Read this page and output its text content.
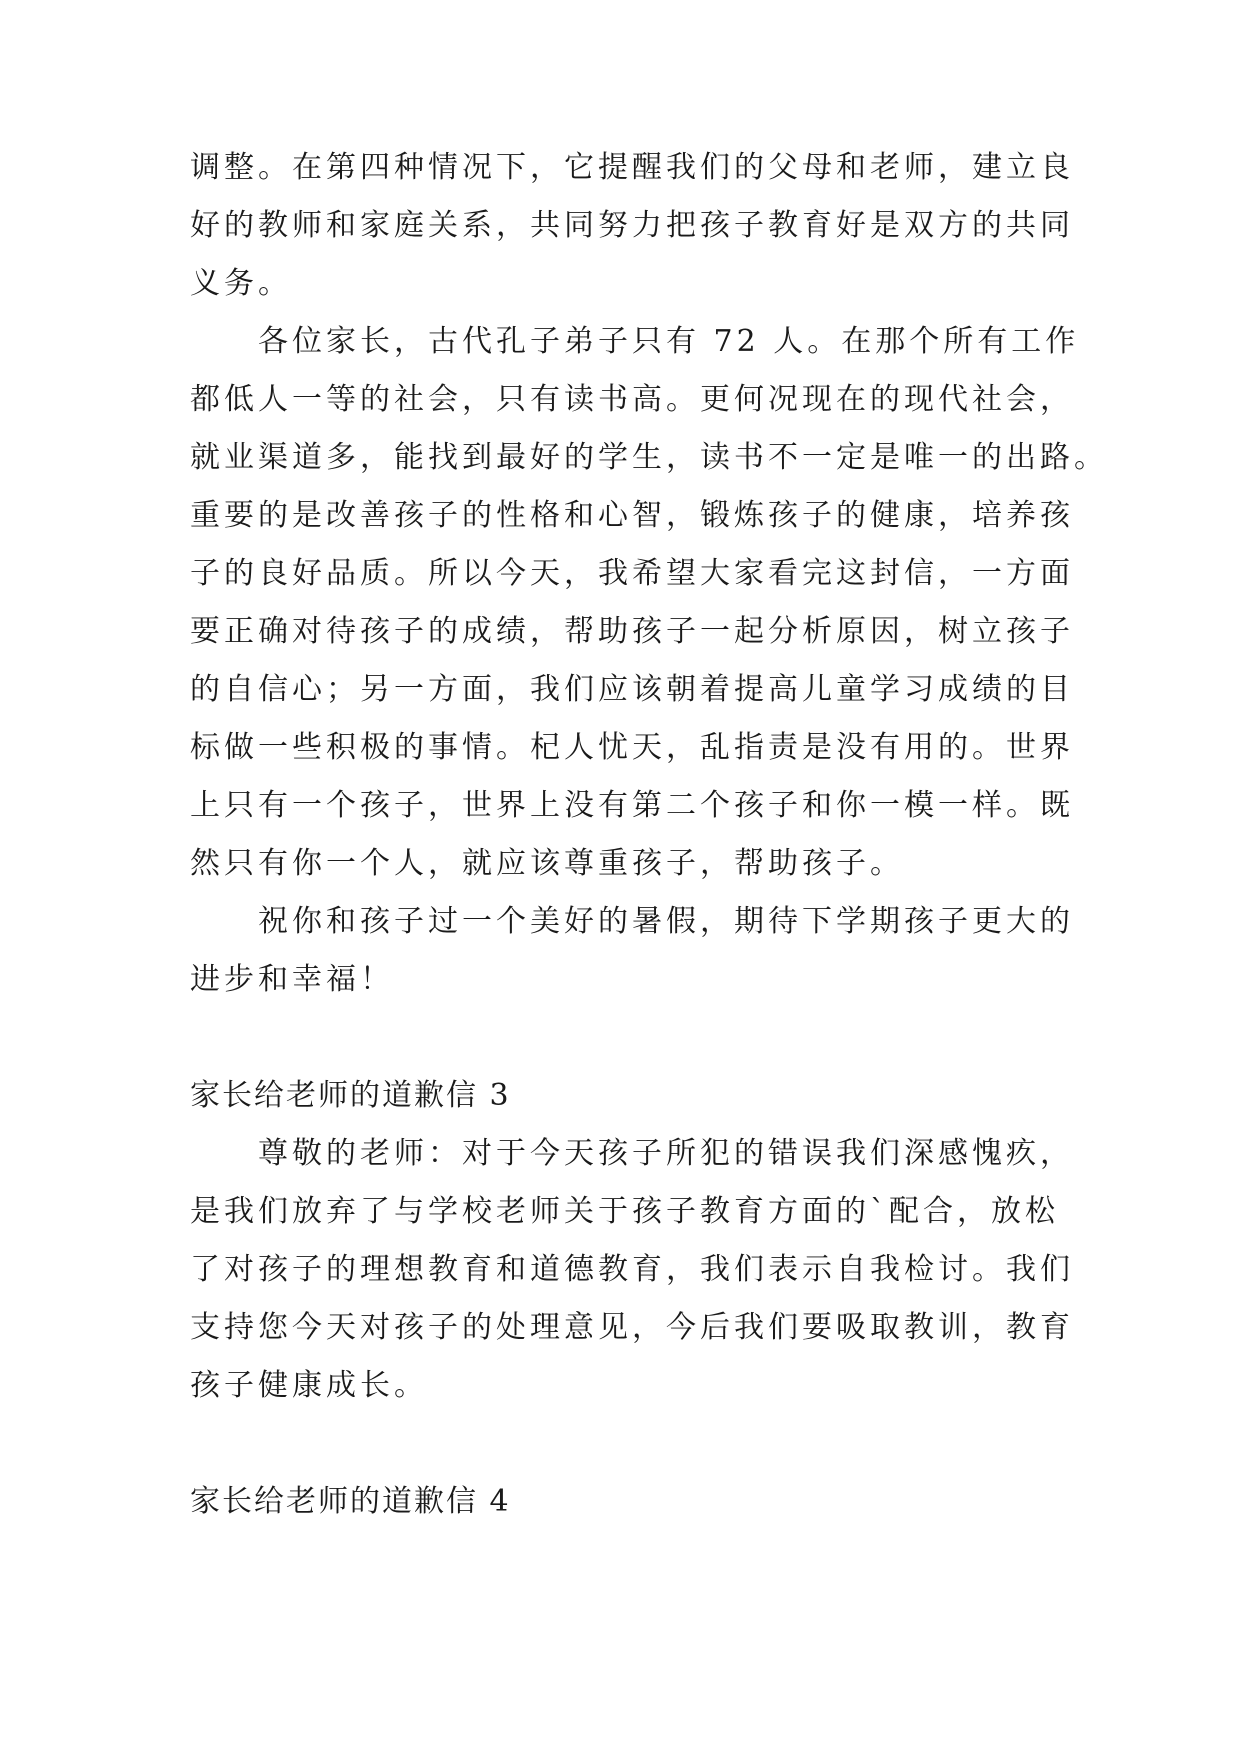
调整。在第四种情况下，它提醒我们的父母和老师，建立良
好的教师和家庭关系，共同努力把孩子教育好是双方的共同
义务。
各位家长，古代孔子弟子只有 72 人。在那个所有工作
都低人一等的社会，只有读书高。更何况现在的现代社会，
就业渠道多，能找到最好的学生，读书不一定是唯一的出路。
重要的是改善孩子的性格和心智，锻炼孩子的健康，培养孩
子的良好品质。所以今天，我希望大家看完这封信，一方面
要正确对待孩子的成绩，帮助孩子一起分析原因，树立孩子
的自信心；另一方面，我们应该朝着提高儿童学习成绩的目
标做一些积极的事情。杞人忧天，乱指责是没有用的。世界
上只有一个孩子，世界上没有第二个孩子和你一模一样。既
然只有你一个人，就应该尊重孩子，帮助孩子。
祝你和孩子过一个美好的暑假，期待下学期孩子更大的
进步和幸福！
家长给老师的道歉信 3
尊敬的老师：对于今天孩子所犯的错误我们深感愧疚，
是我们放弃了与学校老师关于孩子教育方面的`配合，放松
了对孩子的理想教育和道德教育，我们表示自我检讨。我们
支持您今天对孩子的处理意见，今后我们要吸取教训，教育
孩子健康成长。
家长给老师的道歉信 4
